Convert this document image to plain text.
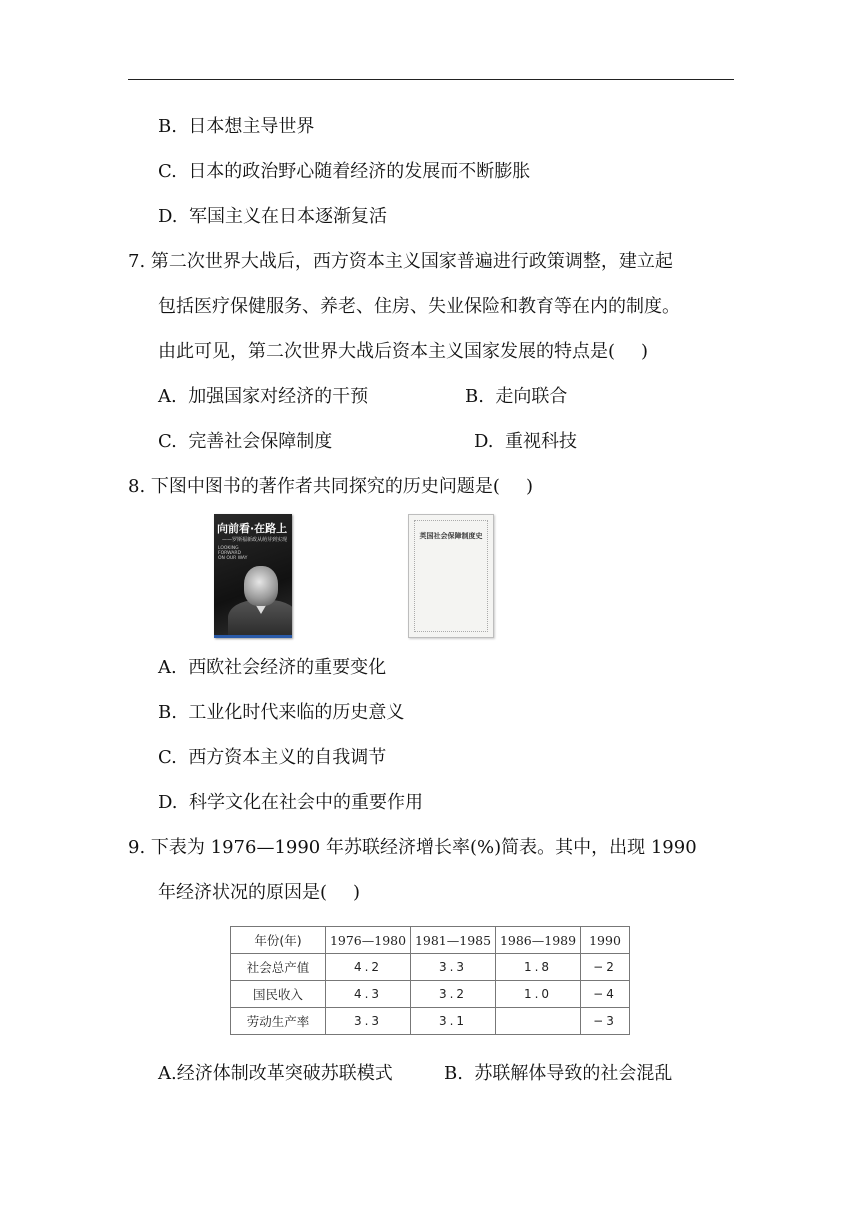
B. 日本想主导世界
C. 日本的政治野心随着经济的发展而不断膨胀
D. 军国主义在日本逐渐复活
7. 第二次世界大战后，西方资本主义国家普遍进行政策调整，建立起
包括医疗保健服务、养老、住房、失业保险和教育等在内的制度。
由此可见，第二次世界大战后资本主义国家发展的特点是( )
A. 加强国家对经济的干预	B. 走向联合
C. 完善社会保障制度	D. 重视科技
8. 下图中图书的著作者共同探究的历史问题是( )
向前看·在路上
——罗斯福新政从萌芽到实现
LOOKING
FORWARD
ON OUR WAY
英国社会保障制度史
A. 西欧社会经济的重要变化
B. 工业化时代来临的历史意义
C. 西方资本主义的自我调节
D. 科学文化在社会中的重要作用
9. 下表为 1976—1990 年苏联经济增长率(%)简表。其中，出现 1990
年经济状况的原因是( )
年份(年)	1976—1980	1981—1985	1986—1989	1990
社会总产值	4.2	3.3	1.8	−2
国民收入	4.3	3.2	1.0	−4
劳动生产率	3.3	3.1		−3
A.经济体制改革突破苏联模式	B. 苏联解体导致的社会混乱
